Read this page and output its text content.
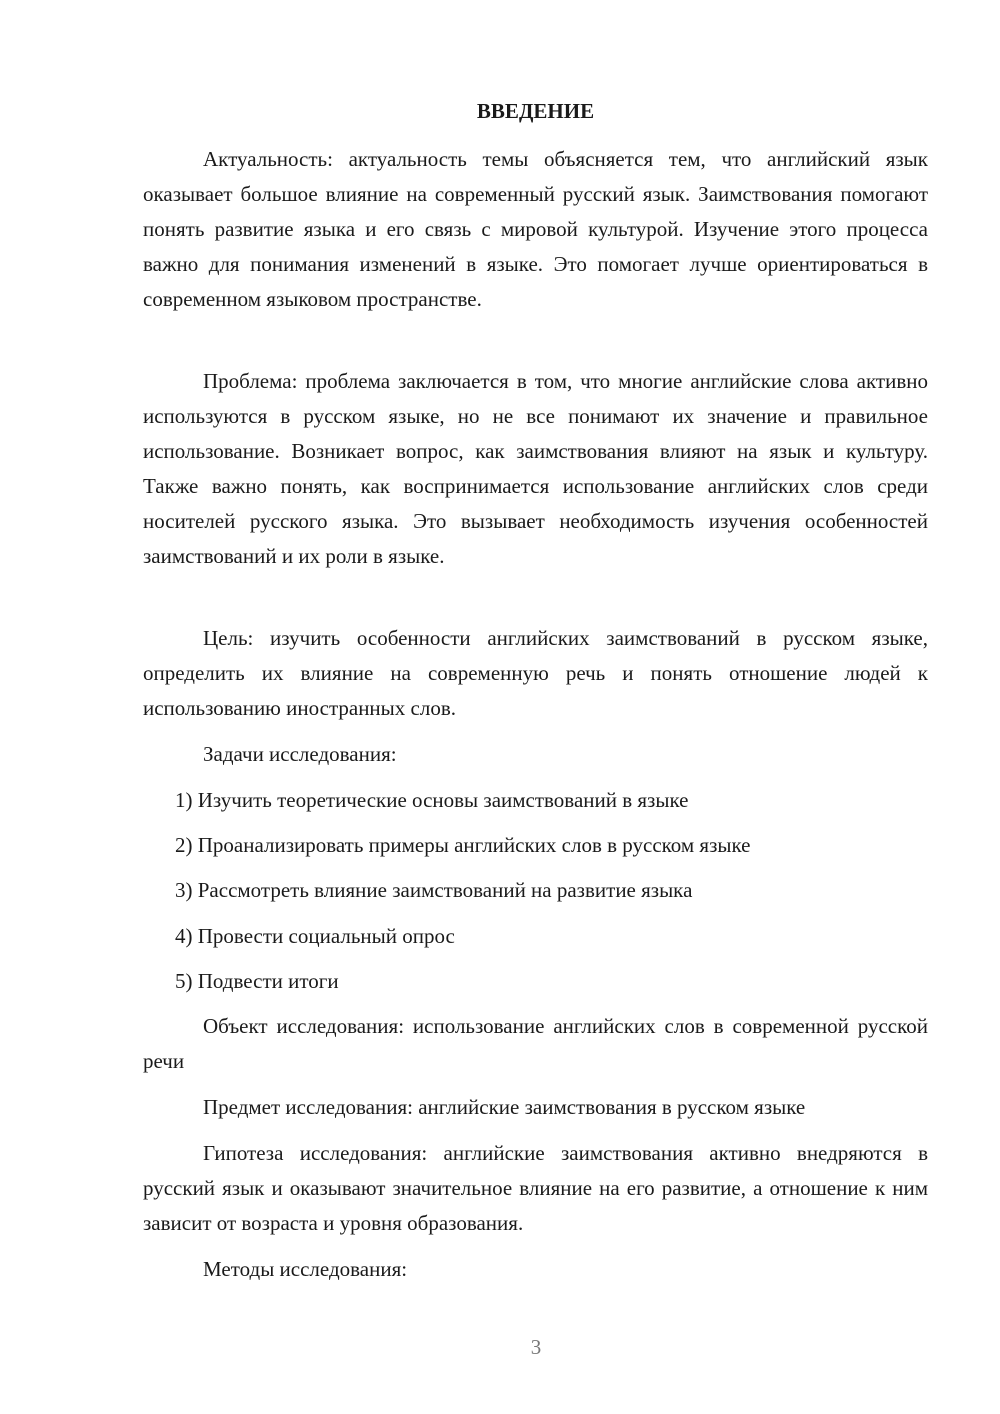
ВВЕДЕНИЕ

Актуальность: актуальность темы объясняется тем, что английский язык оказывает большое влияние на современный русский язык. Заимствования помогают понять развитие языка и его связь с мировой культурой. Изучение этого процесса важно для понимания изменений в языке. Это помогает лучше ориентироваться в современном языковом пространстве.

Проблема: проблема заключается в том, что многие английские слова активно используются в русском языке, но не все понимают их значение и правильное использование. Возникает вопрос, как заимствования влияют на язык и культуру. Также важно понять, как воспринимается использование английских слов среди носителей русского языка. Это вызывает необходимость изучения особенностей заимствований и их роли в языке.

Цель: изучить особенности английских заимствований в русском языке, определить их влияние на современную речь и понять отношение людей к использованию иностранных слов.

Задачи исследования:

1) Изучить теоретические основы заимствований в языке

2) Проанализировать примеры английских слов в русском языке

3) Рассмотреть влияние заимствований на развитие языка

4) Провести социальный опрос

5) Подвести итоги

Объект исследования: использование английских слов в современной русской речи

Предмет исследования: английские заимствования в русском языке

Гипотеза исследования: английские заимствования активно внедряются в русский язык и оказывают значительное влияние на его развитие, а отношение к ним зависит от возраста и уровня образования.

Методы исследования:

3
